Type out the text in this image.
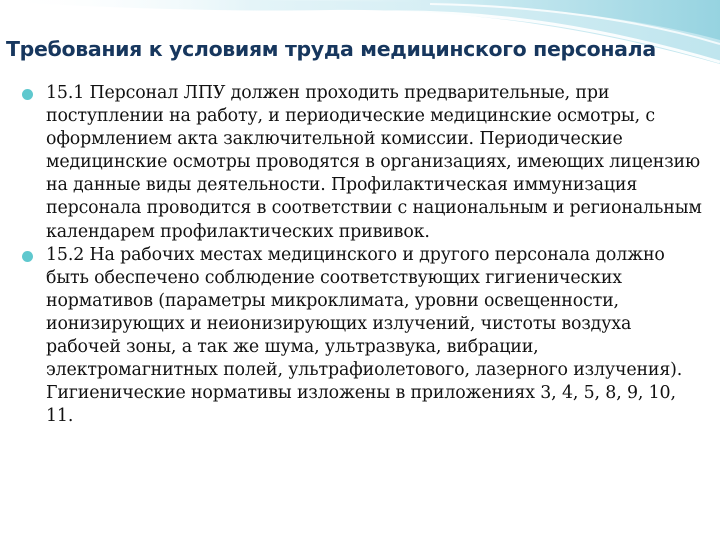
Требования к условиям труда медицинского персонала
15.1 Персонал ЛПУ должен проходить предварительные, при поступлении на работу, и периодические медицинские осмотры, с оформлением акта заключительной комиссии. Периодические медицинские осмотры проводятся в организациях, имеющих лицензию на данные виды деятельности. Профилактическая иммунизация персонала проводится в соответствии с национальным и региональным календарем профилактических прививок.
15.2 На рабочих местах медицинского и другого персонала должно быть обеспечено соблюдение соответствующих гигиенических нормативов (параметры микроклимата, уровни освещенности, ионизирующих и неионизирующих излучений, чистоты воздуха рабочей зоны, а так же шума, ультразвука, вибрации, электромагнитных полей, ультрафиолетового, лазерного излучения). Гигиенические нормативы изложены в приложениях 3, 4, 5, 8, 9, 10, 11.
